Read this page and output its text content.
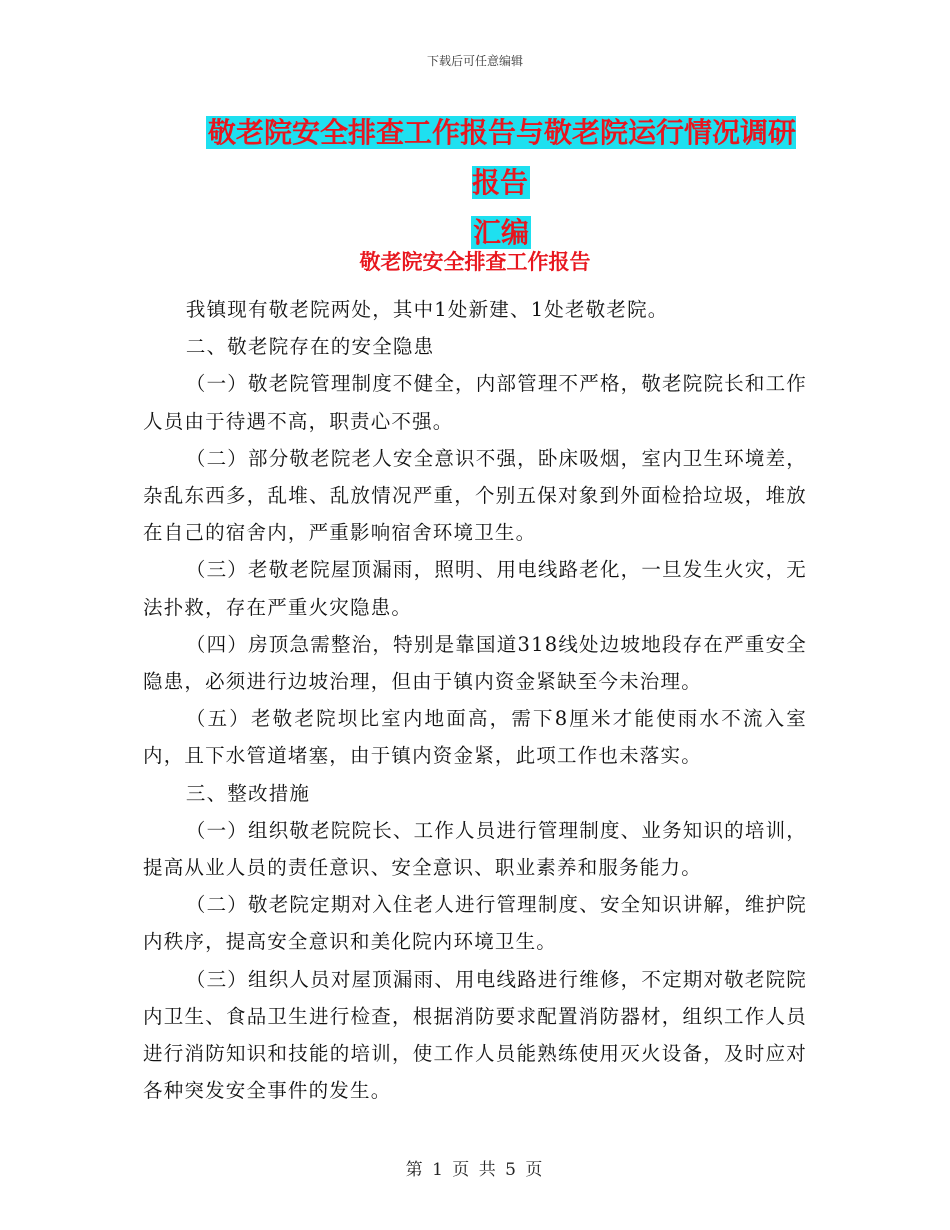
下载后可任意编辑
敬老院安全排查工作报告与敬老院运行情况调研报告
汇编
敬老院安全排查工作报告

我镇现有敬老院两处，其中1处新建、1处老敬老院。

二、敬老院存在的安全隐患

（一）敬老院管理制度不健全，内部管理不严格，敬老院院长和工作人员由于待遇不高，职责心不强。

（二）部分敬老院老人安全意识不强，卧床吸烟，室内卫生环境差，杂乱东西多，乱堆、乱放情况严重，个别五保对象到外面检拾垃圾，堆放在自己的宿舍内，严重影响宿舍环境卫生。

（三）老敬老院屋顶漏雨，照明、用电线路老化，一旦发生火灾，无法扑救，存在严重火灾隐患。

（四）房顶急需整治，特别是靠国道318线处边坡地段存在严重安全隐患，必须进行边坡治理，但由于镇内资金紧缺至今未治理。

（五）老敬老院坝比室内地面高，需下8厘米才能使雨水不流入室内，且下水管道堵塞，由于镇内资金紧，此项工作也未落实。

三、整改措施

（一）组织敬老院院长、工作人员进行管理制度、业务知识的培训，提高从业人员的责任意识、安全意识、职业素养和服务能力。

（二）敬老院定期对入住老人进行管理制度、安全知识讲解，维护院内秩序，提高安全意识和美化院内环境卫生。

（三）组织人员对屋顶漏雨、用电线路进行维修，不定期对敬老院院内卫生、食品卫生进行检查，根据消防要求配置消防器材，组织工作人员进行消防知识和技能的培训，使工作人员能熟练使用灭火设备，及时应对各种突发安全事件的发生。

第 1 页 共 5 页
